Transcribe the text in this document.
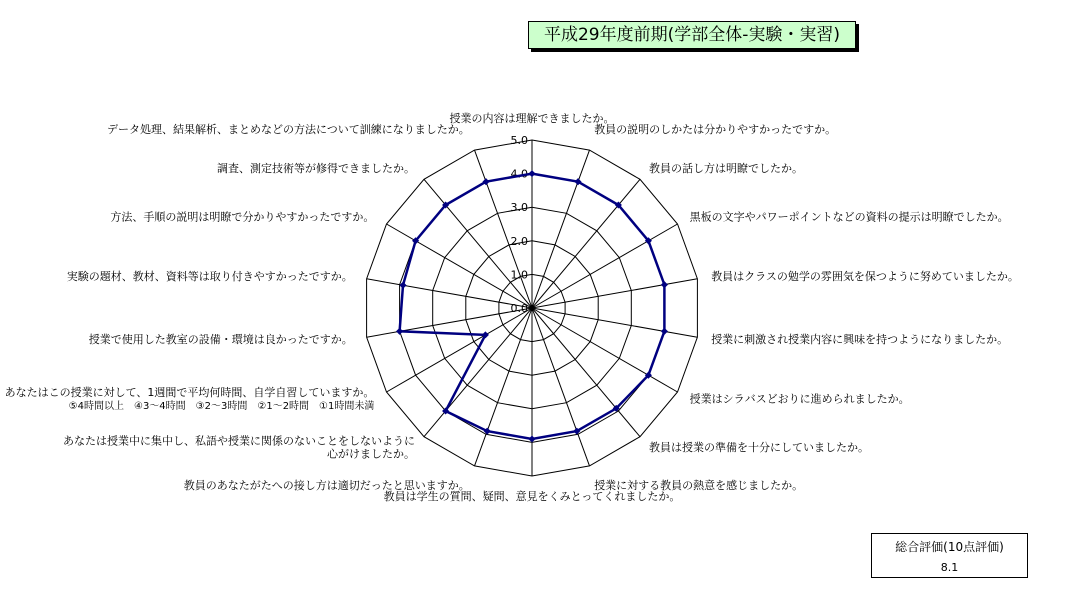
平成29年度前期(学部全体-実験・実習)
0.0
1.0
2.0
3.0
4.0
5.0
授業の内容は理解できましたか。
教員の説明のしかたは分かりやすかったですか。
教員の話し方は明瞭でしたか。
黒板の文字やパワーポイントなどの資料の提示は明瞭でしたか。
教員はクラスの勉学の雰囲気を保つように努めていましたか。
授業に刺激され授業内容に興味を持つようになりましたか。
授業はシラバスどおりに進められましたか。
教員は授業の準備を十分にしていましたか。
授業に対する教員の熱意を感じましたか。
教員は学生の質問、疑問、意見をくみとってくれましたか。
教員のあなたがたへの接し方は適切だったと思いますか。
あなたは授業中に集中し、私語や授業に関係のないことをしないように
心がけましたか。
あなたはこの授業に対して、1週間で平均何時間、自学自習していますか。
⑤4時間以上　④3～4時間　③2～3時間　②1～2時間　①1時間未満
授業で使用した教室の設備・環境は良かったですか。
実験の題材、教材、資料等は取り付きやすかったですか。
方法、手順の説明は明瞭で分かりやすかったですか。
調査、測定技術等が修得できましたか。
データ処理、結果解析、まとめなどの方法について訓練になりましたか。
総合評価(10点評価)
8.1
